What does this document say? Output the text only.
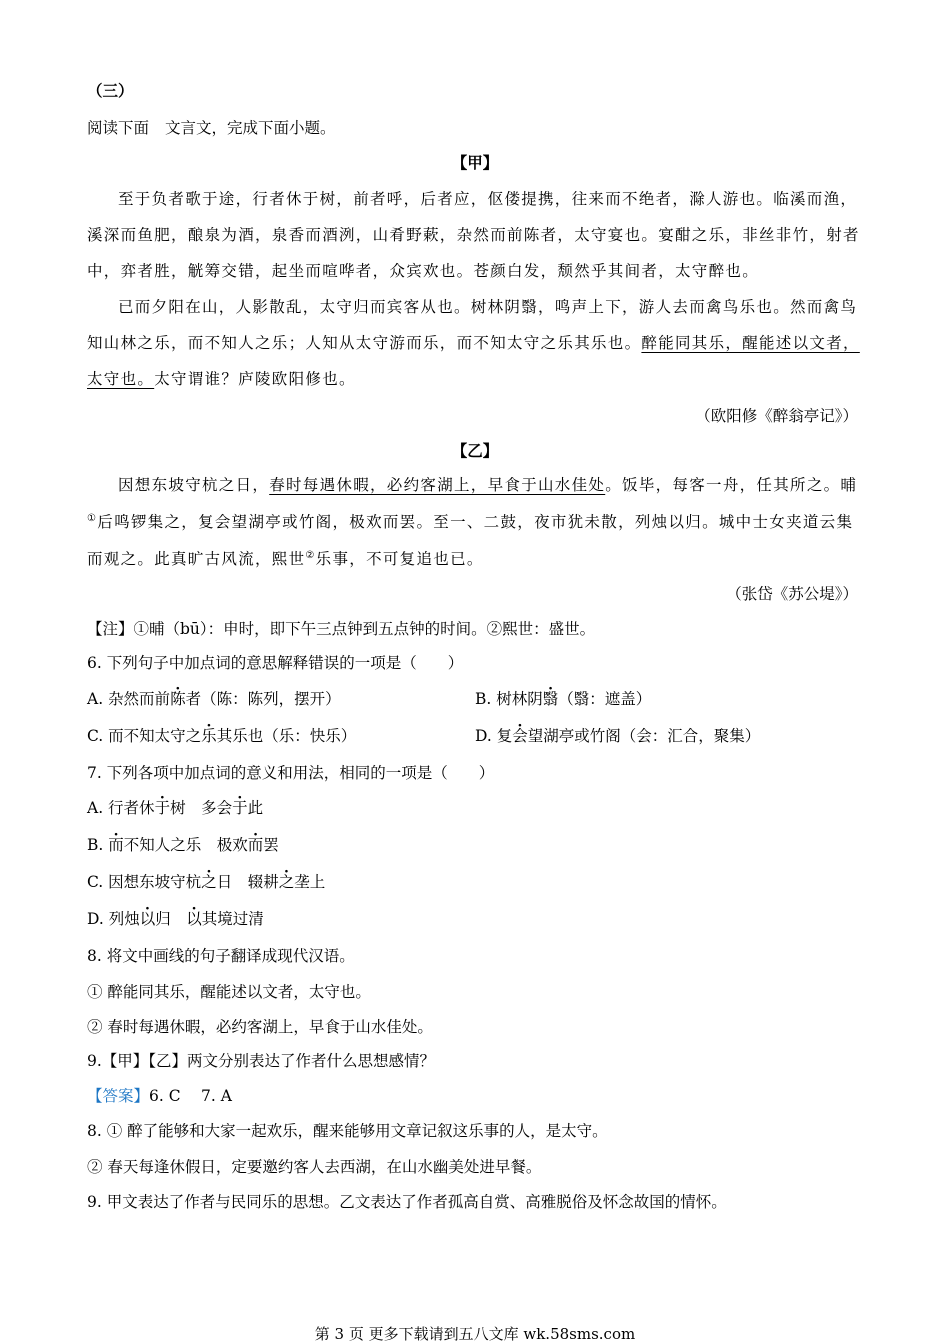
（三）
阅读下面 文言文，完成下面小题。
【甲】
至于负者歌于途，行者休于树，前者呼，后者应，伛偻提携，往来而不绝者，滁人游也。临溪而渔，
溪深而鱼肥，酿泉为酒，泉香而酒洌，山肴野蔌，杂然而前陈者，太守宴也。宴酣之乐，非丝非竹，射者
中，弈者胜，觥筹交错，起坐而喧哗者，众宾欢也。苍颜白发，颓然乎其间者，太守醉也。
已而夕阳在山，人影散乱，太守归而宾客从也。树林阴翳，鸣声上下，游人去而禽鸟乐也。然而禽鸟
知山林之乐，而不知人之乐；人知从太守游而乐，而不知太守之乐其乐也。醉能同其乐，醒能述以文者，
太守也。太守谓谁？庐陵欧阳修也。
（欧阳修《醉翁亭记》）
【乙】
因想东坡守杭之日，春时每遇休暇，必约客湖上，早食于山水佳处。饭毕，每客一舟，任其所之。晡
①后鸣锣集之，复会望湖亭或竹阁，极欢而罢。至一、二鼓，夜市犹未散，列烛以归。城中士女夹道云集
而观之。此真旷古风流，熙世②乐事，不可复追也已。
（张岱《苏公堤》）
【注】①晡（bū）：申时，即下午三点钟到五点钟的时间。②熙世：盛世。
6. 下列句子中加点词的意思解释错误的一项是（　　）
A. 杂然而前陈者（陈：陈列，摆开）	B. 树林阴翳（翳：遮盖）
C. 而不知太守之乐其乐也（乐：快乐）	D. 复会望湖亭或竹阁（会：汇合，聚集）
7. 下列各项中加点词的意义和用法，相同的一项是（　　）
A. 行者休于树　多会于此
B. 而不知人之乐　极欢而罢
C. 因想东坡守杭之日　辍耕之垄上
D. 列烛以归　以其境过清
8. 将文中画线的句子翻译成现代汉语。
① 醉能同其乐，醒能述以文者，太守也。
② 春时每遇休暇，必约客湖上，早食于山水佳处。
9.【甲】【乙】两文分别表达了作者什么思想感情？
【答案】6. C　 7. A
8. ① 醉了能够和大家一起欢乐，醒来能够用文章记叙这乐事的人，是太守。
② 春天每逢休假日，定要邀约客人去西湖，在山水幽美处进早餐。
9. 甲文表达了作者与民同乐的思想。乙文表达了作者孤高自赏、高雅脱俗及怀念故国的情怀。
第 3 页 更多下载请到五八文库 wk.58sms.com
